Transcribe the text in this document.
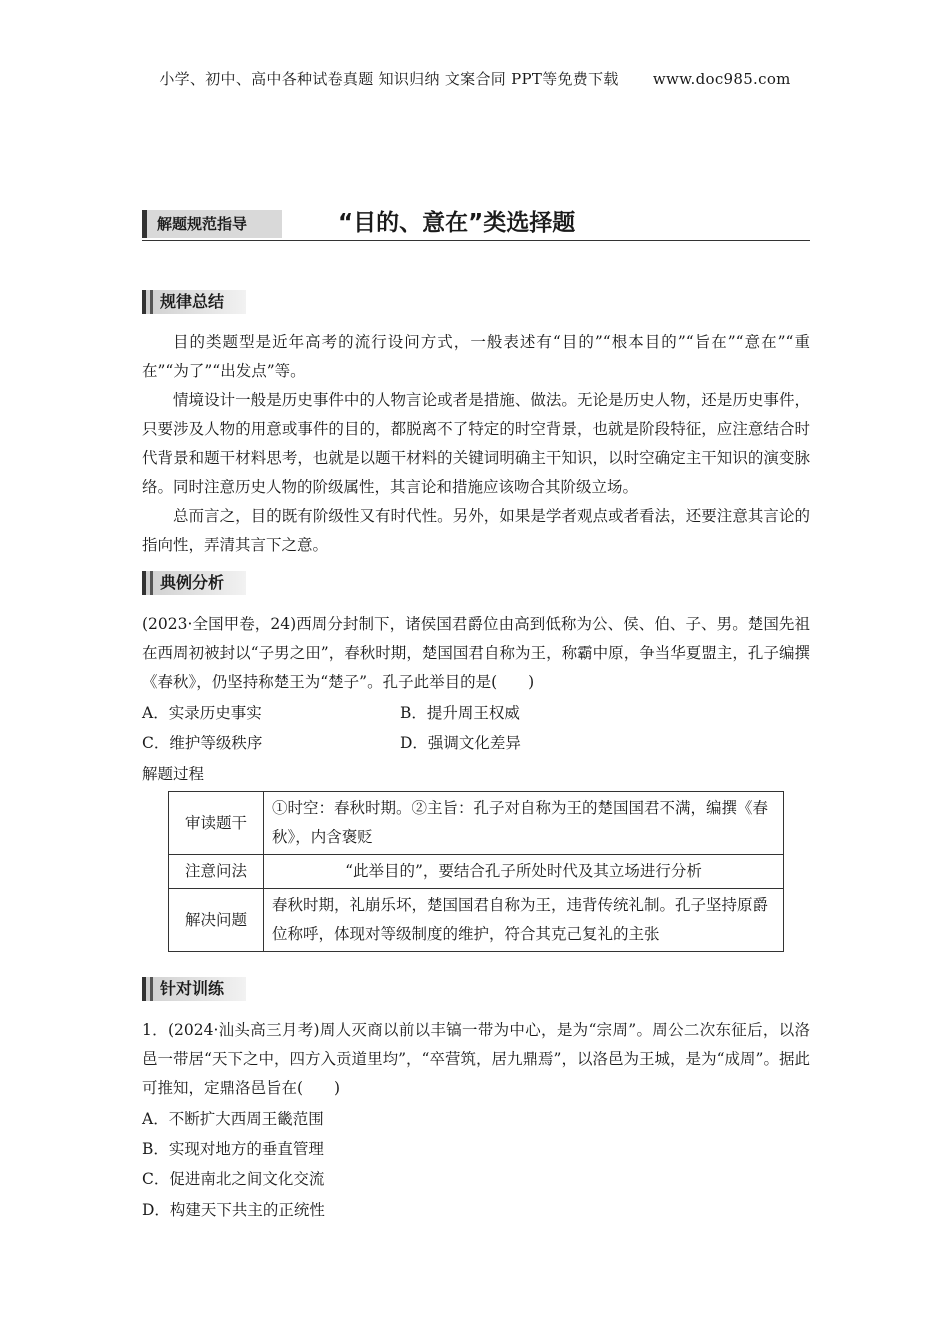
小学、初中、高中各种试卷真题 知识归纳 文案合同 PPT等免费下载 www.doc985.com
解题规范指导	“目的、意在”类选择题
规律总结

目的类题型是近年高考的流行设问方式，一般表述有“目的”“根本目的”“旨在”“意在”“重在”“为了”“出发点”等。

情境设计一般是历史事件中的人物言论或者是措施、做法。无论是历史人物，还是历史事件，只要涉及人物的用意或事件的目的，都脱离不了特定的时空背景，也就是阶段特征，应注意结合时代背景和题干材料思考，也就是以题干材料的关键词明确主干知识，以时空确定主干知识的演变脉络。同时注意历史人物的阶级属性，其言论和措施应该吻合其阶级立场。

总而言之，目的既有阶级性又有时代性。另外，如果是学者观点或者看法，还要注意其言论的指向性，弄清其言下之意。

典例分析

(2023·全国甲卷，24)西周分封制下，诸侯国君爵位由高到低称为公、侯、伯、子、男。楚国先祖在西周初被封以“子男之田”，春秋时期，楚国国君自称为王，称霸中原，争当华夏盟主，孔子编撰《春秋》，仍坚持称楚王为“楚子”。孔子此举目的是(　　)

A．实录历史事实	B．提升周王权威
C．维护等级秩序	D．强调文化差异
解题过程
审读题干	①时空：春秋时期。②主旨：孔子对自称为王的楚国国君不满，编撰《春秋》，内含褒贬
注意问法	“此举目的”，要结合孔子所处时代及其立场进行分析
解决问题	春秋时期，礼崩乐坏，楚国国君自称为王，违背传统礼制。孔子坚持原爵位称呼，体现对等级制度的维护，符合其克己复礼的主张
针对训练

1．(2024·汕头高三月考)周人灭商以前以丰镐一带为中心，是为“宗周”。周公二次东征后，以洛邑一带居“天下之中，四方入贡道里均”，“卒营筑，居九鼎焉”，以洛邑为王城，是为“成周”。据此可推知，定鼎洛邑旨在(　　)

A．不断扩大西周王畿范围
B．实现对地方的垂直管理
C．促进南北之间文化交流
D．构建天下共主的正统性
